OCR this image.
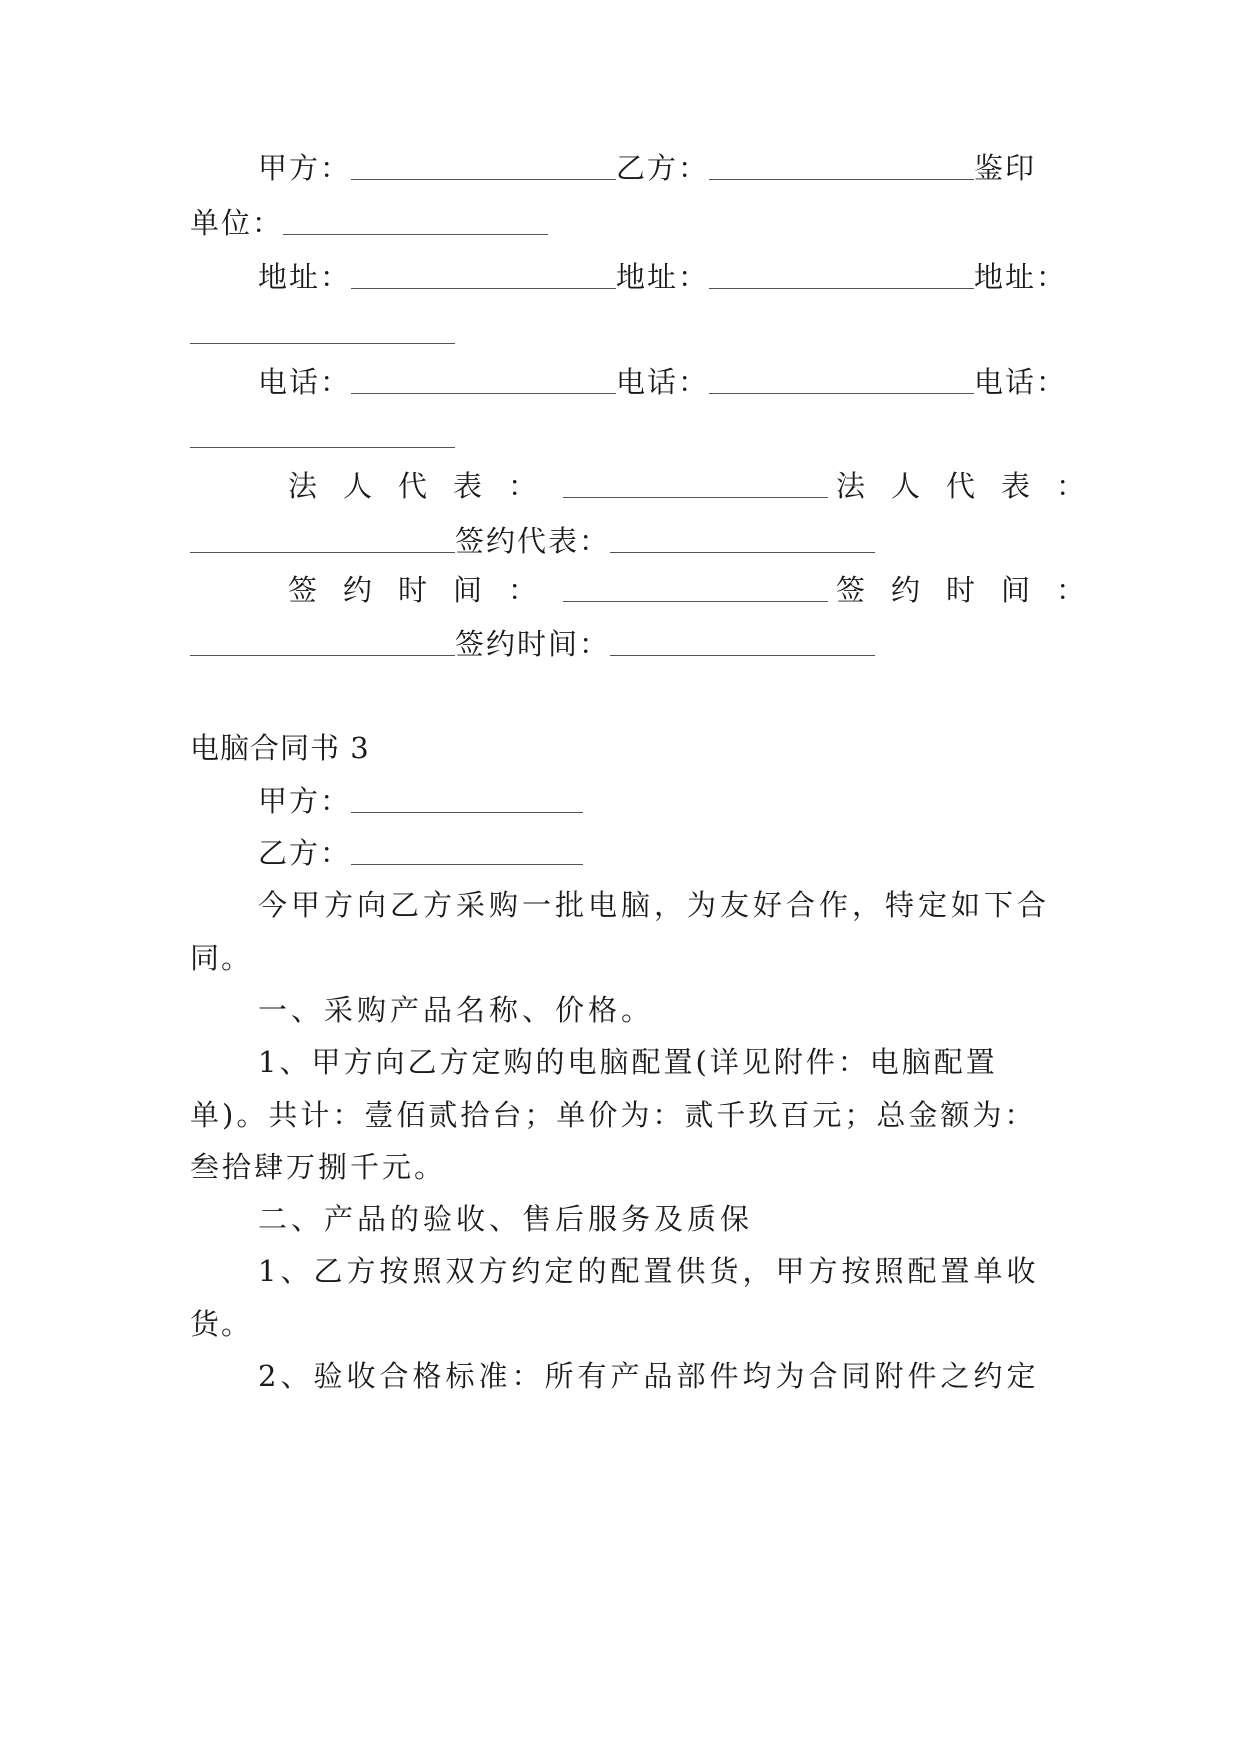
甲方：	乙方：	鉴印
单位：
地址：	地址：	地址：
电话：	电话：	电话：
法人代表：	法人代表：
签约代表：
签约时间：	签约时间：
签约时间：
电脑合同书 3
甲方：
乙方：
今甲方向乙方采购一批电脑，为友好合作，特定如下合
同。
一、采购产品名称、价格。
1、甲方向乙方定购的电脑配置(详见附件：电脑配置
单)。共计：壹佰贰拾台；单价为：贰千玖百元；总金额为：
叁拾肆万捌千元。
二、产品的验收、售后服务及质保
1、乙方按照双方约定的配置供货，甲方按照配置单收
货。
2、验收合格标准：所有产品部件均为合同附件之约定
